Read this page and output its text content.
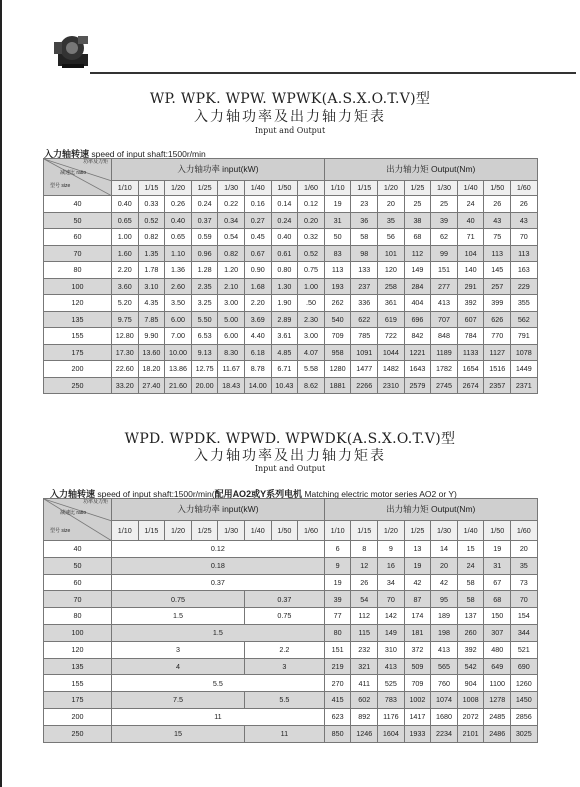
WP. WPK. WPW. WPWK(A.S.X.O.T.V)型
入力轴功率及出力轴力矩表
Input and Output
入力轴转速 speed of input shaft:1500r/min
功率及力矩
减速比 ratio
型号 size	入力轴功率 input(kW)								出力轴力矩 Output(Nm)							
	1/10	1/15	1/20	1/25	1/30	1/40	1/50	1/60	1/10	1/15	1/20	1/25	1/30	1/40	1/50	1/60
40	0.40	0.33	0.26	0.24	0.22	0.16	0.14	0.12	19	23	20	25	25	24	26	26
50	0.65	0.52	0.40	0.37	0.34	0.27	0.24	0.20	31	36	35	38	39	40	43	43
60	1.00	0.82	0.65	0.59	0.54	0.45	0.40	0.32	50	58	56	68	62	71	75	70
70	1.60	1.35	1.10	0.96	0.82	0.67	0.61	0.52	83	98	101	112	99	104	113	113
80	2.20	1.78	1.36	1.28	1.20	0.90	0.80	0.75	113	133	120	149	151	140	145	163
100	3.60	3.10	2.60	2.35	2.10	1.68	1.30	1.00	193	237	258	284	277	291	257	229
120	5.20	4.35	3.50	3.25	3.00	2.20	1.90	.50	262	336	361	404	413	392	399	355
135	9.75	7.85	6.00	5.50	5.00	3.69	2.89	2.30	540	622	619	696	707	607	626	562
155	12.80	9.90	7.00	6.53	6.00	4.40	3.61	3.00	709	785	722	842	848	784	770	791
175	17.30	13.60	10.00	9.13	8.30	6.18	4.85	4.07	958	1091	1044	1221	1189	1133	1127	1078
200	22.60	18.20	13.86	12.75	11.67	8.78	6.71	5.58	1280	1477	1482	1643	1782	1654	1516	1449
250	33.20	27.40	21.60	20.00	18.43	14.00	10.43	8.62	1881	2266	2310	2579	2745	2674	2357	2371
WPD. WPDK. WPWD. WPWDK(A.S.X.O.T.V)型
入力轴功率及出力轴力矩表
Input and Output
入力轴转速 speed of input shaft:1500r/min(配用AO2或Y系列电机 Matching electric motor series AO2 or Y)
功率及力矩
减速比 ratio
型号 size	入力轴功率 input(kW)								出力轴力矩 Output(Nm)							
	1/10	1/15	1/20	1/25	1/30	1/40	1/50	1/60	1/10	1/15	1/20	1/25	1/30	1/40	1/50	1/60
40	0.12								6	8	9	13	14	15	19	20
50	0.18								9	12	16	19	20	24	31	35
60	0.37								19	26	34	42	42	58	67	73
70	0.75					0.37			39	54	70	87	95	58	68	70
80	1.5					0.75			77	112	142	174	189	137	150	154
100	1.5								80	115	149	181	198	260	307	344
120	3					2.2			151	232	310	372	413	392	480	521
135	4					3			219	321	413	509	565	542	649	690
155	5.5								270	411	525	709	760	904	1100	1260
175	7.5					5.5			415	602	783	1002	1074	1008	1278	1450
200	11								623	892	1176	1417	1680	2072	2485	2856
250	15					11			850	1246	1604	1933	2234	2101	2486	3025
